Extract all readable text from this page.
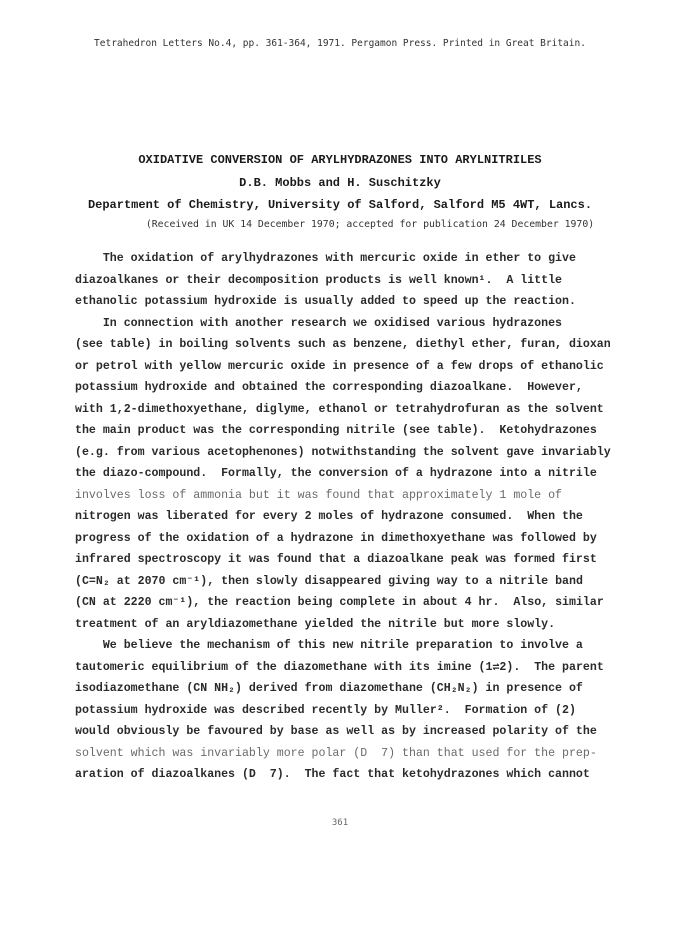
Tetrahedron Letters No.4, pp. 361-364, 1971. Pergamon Press. Printed in Great Britain.
OXIDATIVE CONVERSION OF ARYLHYDRAZONES INTO ARYLNITRILES
D.B. Mobbs and H. Suschitzky
Department of Chemistry, University of Salford, Salford M5 4WT, Lancs.
(Received in UK 14 December 1970; accepted for publication 24 December 1970)
The oxidation of arylhydrazones with mercuric oxide in ether to give
diazoalkanes or their decomposition products is well known¹.  A little
ethanolic potassium hydroxide is usually added to speed up the reaction.
In connection with another research we oxidised various hydrazones
(see table) in boiling solvents such as benzene, diethyl ether, furan, dioxan
or petrol with yellow mercuric oxide in presence of a few drops of ethanolic
potassium hydroxide and obtained the corresponding diazoalkane.  However,
with 1,2-dimethoxyethane, diglyme, ethanol or tetrahydrofuran as the solvent
the main product was the corresponding nitrile (see table).  Ketohydrazones
(e.g. from various acetophenones) notwithstanding the solvent gave invariably
the diazo-compound.  Formally, the conversion of a hydrazone into a nitrile
involves loss of ammonia but it was found that approximately 1 mole of
nitrogen was liberated for every 2 moles of hydrazone consumed.  When the
progress of the oxidation of a hydrazone in dimethoxyethane was followed by
infrared spectroscopy it was found that a diazoalkane peak was formed first
(C=N₂ at 2070 cm⁻¹), then slowly disappeared giving way to a nitrile band
(CN at 2220 cm⁻¹), the reaction being complete in about 4 hr.  Also, similar
treatment of an aryldiazomethane yielded the nitrile but more slowly.
We believe the mechanism of this new nitrile preparation to involve a
tautomeric equilibrium of the diazomethane with its imine (1⇌2).  The parent
isodiazomethane (CN NH₂) derived from diazomethane (CH₂N₂) in presence of
potassium hydroxide was described recently by Muller².  Formation of (2)
would obviously be favoured by base as well as by increased polarity of the
solvent which was invariably more polar (D  7) than that used for the prep-
aration of diazoalkanes (D  7).  The fact that ketohydrazones which cannot
361
